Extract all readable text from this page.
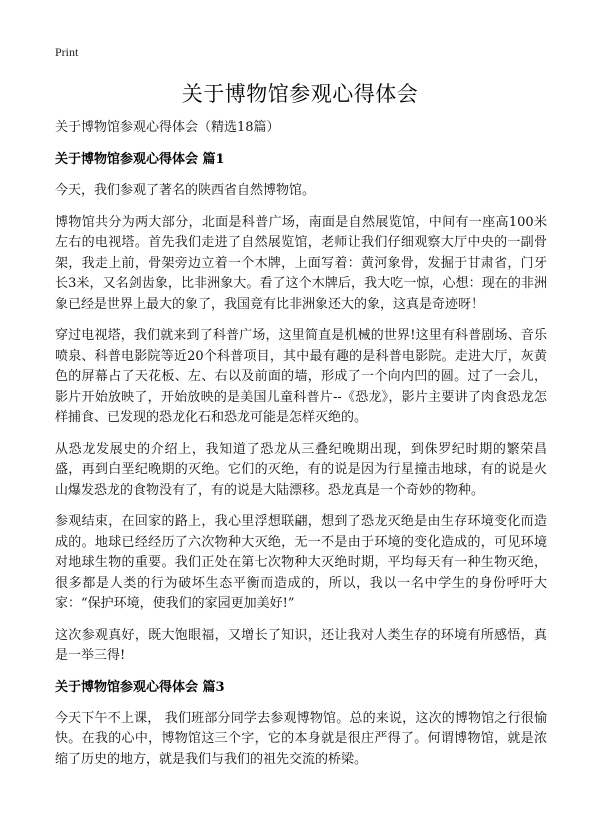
Print
关于博物馆参观心得体会

关于博物馆参观心得体会（精选18篇）

关于博物馆参观心得体会 篇1

今天，我们参观了著名的陕西省自然博物馆。

博物馆共分为两大部分，北面是科普广场，南面是自然展览馆，中间有一座高100米左右的电视塔。首先我们走进了自然展览馆，老师让我们仔细观察大厅中央的一副骨架，我走上前，骨架旁边立着一个木牌，上面写着：黄河象骨，发掘于甘肃省，门牙长3米，又名剑齿象，比非洲象大。看了这个木牌后，我大吃一惊，心想：现在的非洲象已经是世界上最大的象了，我国竟有比非洲象还大的象，这真是奇迹呀！

穿过电视塔，我们就来到了科普广场，这里简直是机械的世界!这里有科普剧场、音乐喷泉、科普电影院等近20个科普项目，其中最有趣的是科普电影院。走进大厅，灰黄色的屏幕占了天花板、左、右以及前面的墙，形成了一个向内凹的圆。过了一会儿，影片开始放映了，开始放映的是美国儿童科普片--《恐龙》，影片主要讲了肉食恐龙怎样捕食、已发现的恐龙化石和恐龙可能是怎样灭绝的。

从恐龙发展史的介绍上，我知道了恐龙从三叠纪晚期出现，到侏罗纪时期的繁荣昌盛，再到白垩纪晚期的灭绝。它们的灭绝，有的说是因为行星撞击地球，有的说是火山爆发恐龙的食物没有了，有的说是大陆漂移。恐龙真是一个奇妙的物种。

参观结束，在回家的路上，我心里浮想联翩，想到了恐龙灭绝是由生存环境变化而造成的。地球已经经历了六次物种大灭绝，无一不是由于环境的变化造成的，可见环境对地球生物的重要。我们正处在第七次物种大灭绝时期，平均每天有一种生物灭绝，很多都是人类的行为破坏生态平衡而造成的，所以，我以一名中学生的身份呼吁大家：“保护环境，使我们的家园更加美好!”

这次参观真好，既大饱眼福，又增长了知识，还让我对人类生存的环境有所感悟，真是一举三得!

关于博物馆参观心得体会 篇3

今天下午不上课， 我们班部分同学去参观博物馆。总的来说，这次的博物馆之行很愉快。在我的心中，博物馆这三个字，它的本身就是很庄严得了。何谓博物馆，就是浓缩了历史的地方，就是我们与我们的祖先交流的桥梁。
